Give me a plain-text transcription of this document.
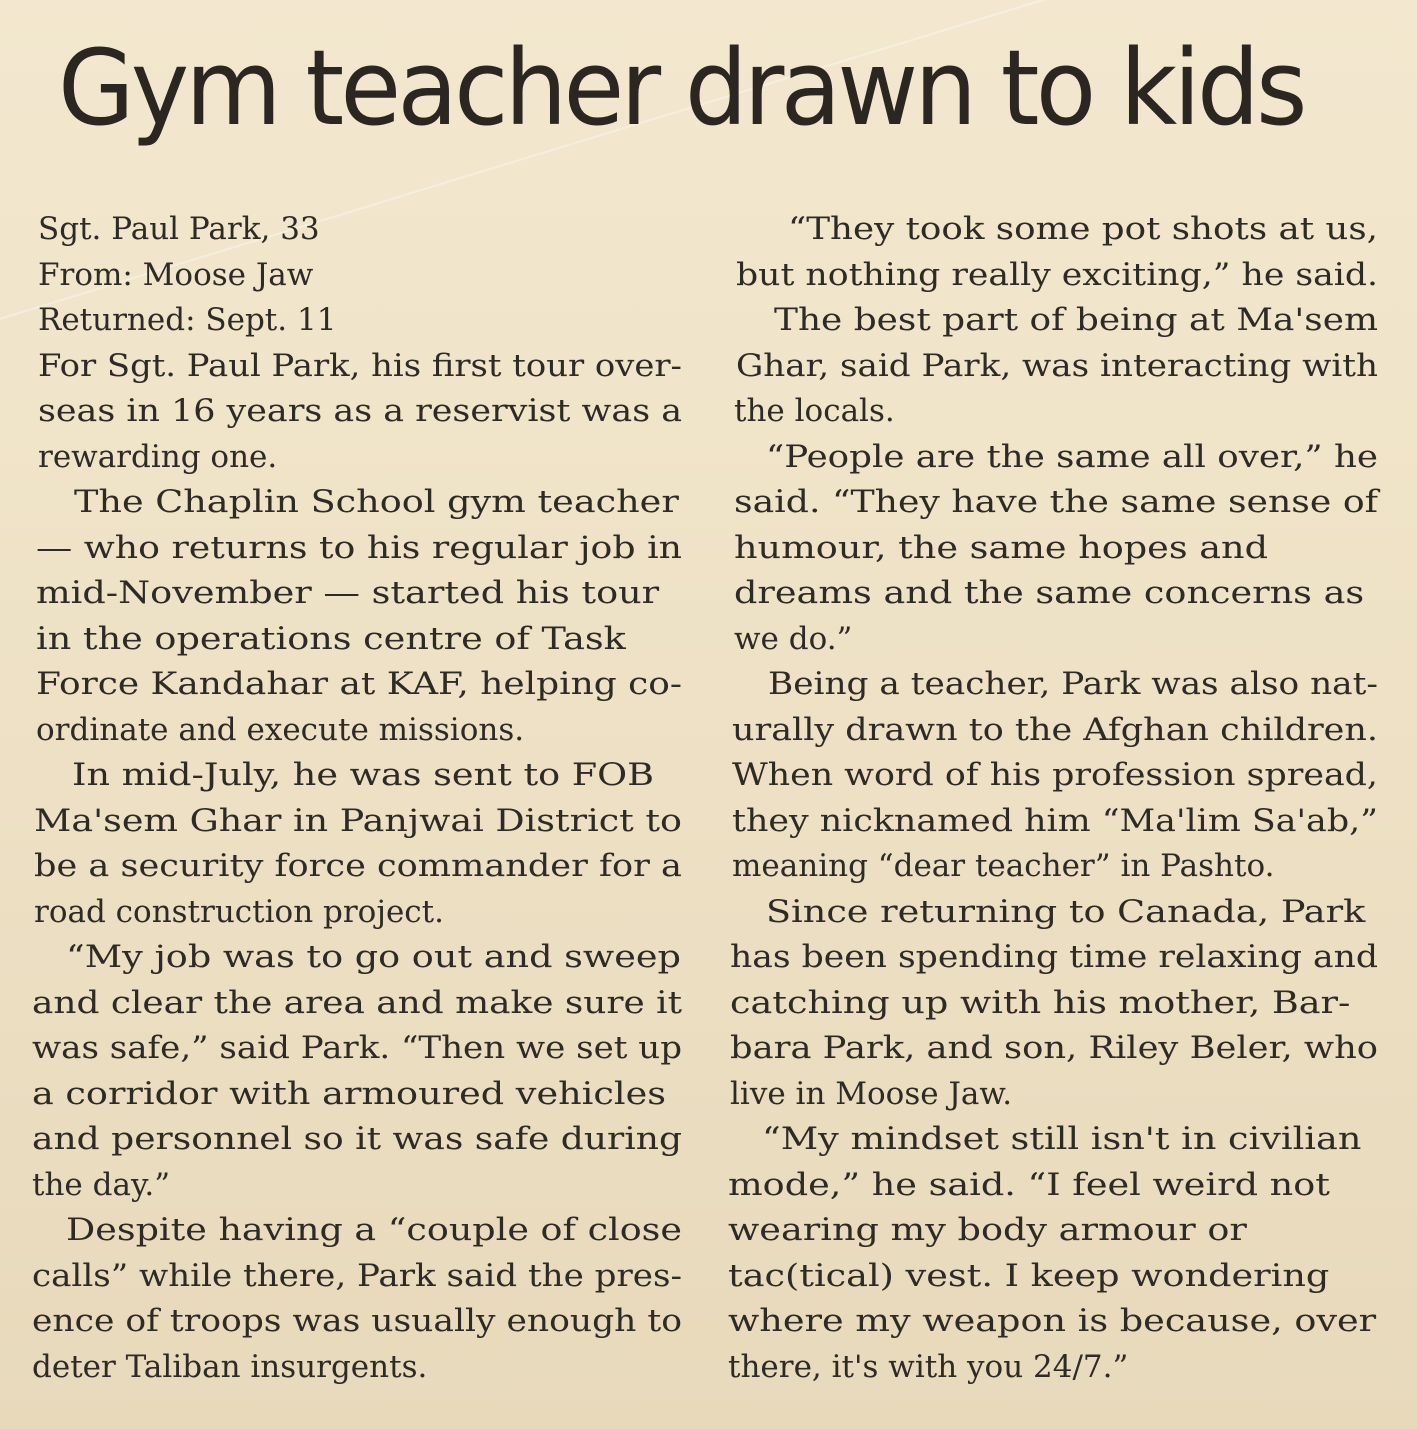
Gym teacher drawn to kids
Sgt. Paul Park, 33
From: Moose Jaw
Returned: Sept. 11
For Sgt. Paul Park, his first tour over-
seas in 16 years as a reservist was a
rewarding one.
The Chaplin School gym teacher
— who returns to his regular job in
mid-November — started his tour
in the operations centre of Task
Force Kandahar at KAF, helping co-
ordinate and execute missions.
In mid-July, he was sent to FOB
Ma'sem Ghar in Panjwai District to
be a security force commander for a
road construction project.
“My job was to go out and sweep
and clear the area and make sure it
was safe,” said Park. “Then we set up
a corridor with armoured vehicles
and personnel so it was safe during
the day.”
Despite having a “couple of close
calls” while there, Park said the pres-
ence of troops was usually enough to
deter Taliban insurgents.
“They took some pot shots at us,
but nothing really exciting,” he said.
The best part of being at Ma'sem
Ghar, said Park, was interacting with
the locals.
“People are the same all over,” he
said. “They have the same sense of
humour, the same hopes and
dreams and the same concerns as
we do.”
Being a teacher, Park was also nat-
urally drawn to the Afghan children.
When word of his profession spread,
they nicknamed him “Ma'lim Sa'ab,”
meaning “dear teacher” in Pashto.
Since returning to Canada, Park
has been spending time relaxing and
catching up with his mother, Bar-
bara Park, and son, Riley Beler, who
live in Moose Jaw.
“My mindset still isn't in civilian
mode,” he said. “I feel weird not
wearing my body armour or
tac(tical) vest. I keep wondering
where my weapon is because, over
there, it's with you 24/7.”
